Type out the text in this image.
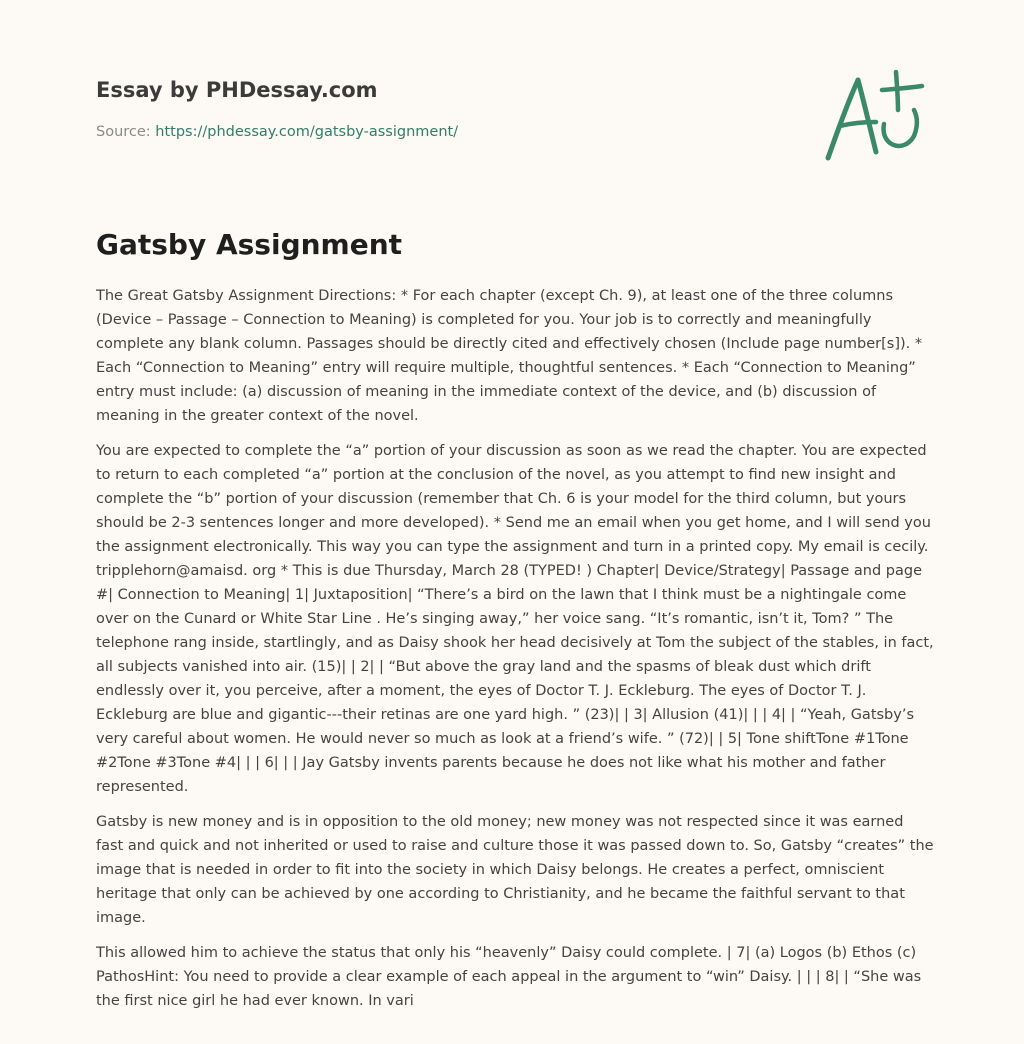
Essay by PHDessay.com
Source: https://phdessay.com/gatsby-assignment/
Gatsby Assignment

The Great Gatsby Assignment Directions: * For each chapter (except Ch. 9), at least one of the three columns (Device – Passage – Connection to Meaning) is completed for you. Your job is to correctly and meaningfully complete any blank column. Passages should be directly cited and effectively chosen (Include page number[s]). * Each “Connection to Meaning” entry will require multiple, thoughtful sentences. * Each “Connection to Meaning” entry must include: (a) discussion of meaning in the immediate context of the device, and (b) discussion of meaning in the greater context of the novel.

You are expected to complete the “a” portion of your discussion as soon as we read the chapter. You are expected to return to each completed “a” portion at the conclusion of the novel, as you attempt to find new insight and complete the “b” portion of your discussion (remember that Ch. 6 is your model for the third column, but yours should be 2-3 sentences longer and more developed). * Send me an email when you get home, and I will send you the assignment electronically. This way you can type the assignment and turn in a printed copy. My email is cecily. tripplehorn@amaisd. org * This is due Thursday, March 28 (TYPED! ) Chapter| Device/Strategy| Passage and page #| Connection to Meaning| 1| Juxtaposition| “There’s a bird on the lawn that I think must be a nightingale come over on the Cunard or White Star Line . He’s singing away,” her voice sang. “It’s romantic, isn’t it, Tom? ” The telephone rang inside, startlingly, and as Daisy shook her head decisively at Tom the subject of the stables, in fact, all subjects vanished into air. (15)| | 2| | “But above the gray land and the spasms of bleak dust which drift endlessly over it, you perceive, after a moment, the eyes of Doctor T. J. Eckleburg. The eyes of Doctor T. J. Eckleburg are blue and gigantic---their retinas are one yard high. ” (23)| | 3| Allusion (41)| | | 4| | “Yeah, Gatsby’s very careful about women. He would never so much as look at a friend’s wife. ” (72)| | 5| Tone shiftTone #1Tone #2Tone #3Tone #4| | | 6| | | Jay Gatsby invents parents because he does not like what his mother and father represented.

Gatsby is new money and is in opposition to the old money; new money was not respected since it was earned fast and quick and not inherited or used to raise and culture those it was passed down to. So, Gatsby “creates” the image that is needed in order to fit into the society in which Daisy belongs. He creates a perfect, omniscient heritage that only can be achieved by one according to Christianity, and he became the faithful servant to that image.

This allowed him to achieve the status that only his “heavenly” Daisy could complete. | 7| (a) Logos (b) Ethos (c) PathosHint: You need to provide a clear example of each appeal in the argument to “win” Daisy. | | | 8| | “She was the first nice girl he had ever known. In vari
